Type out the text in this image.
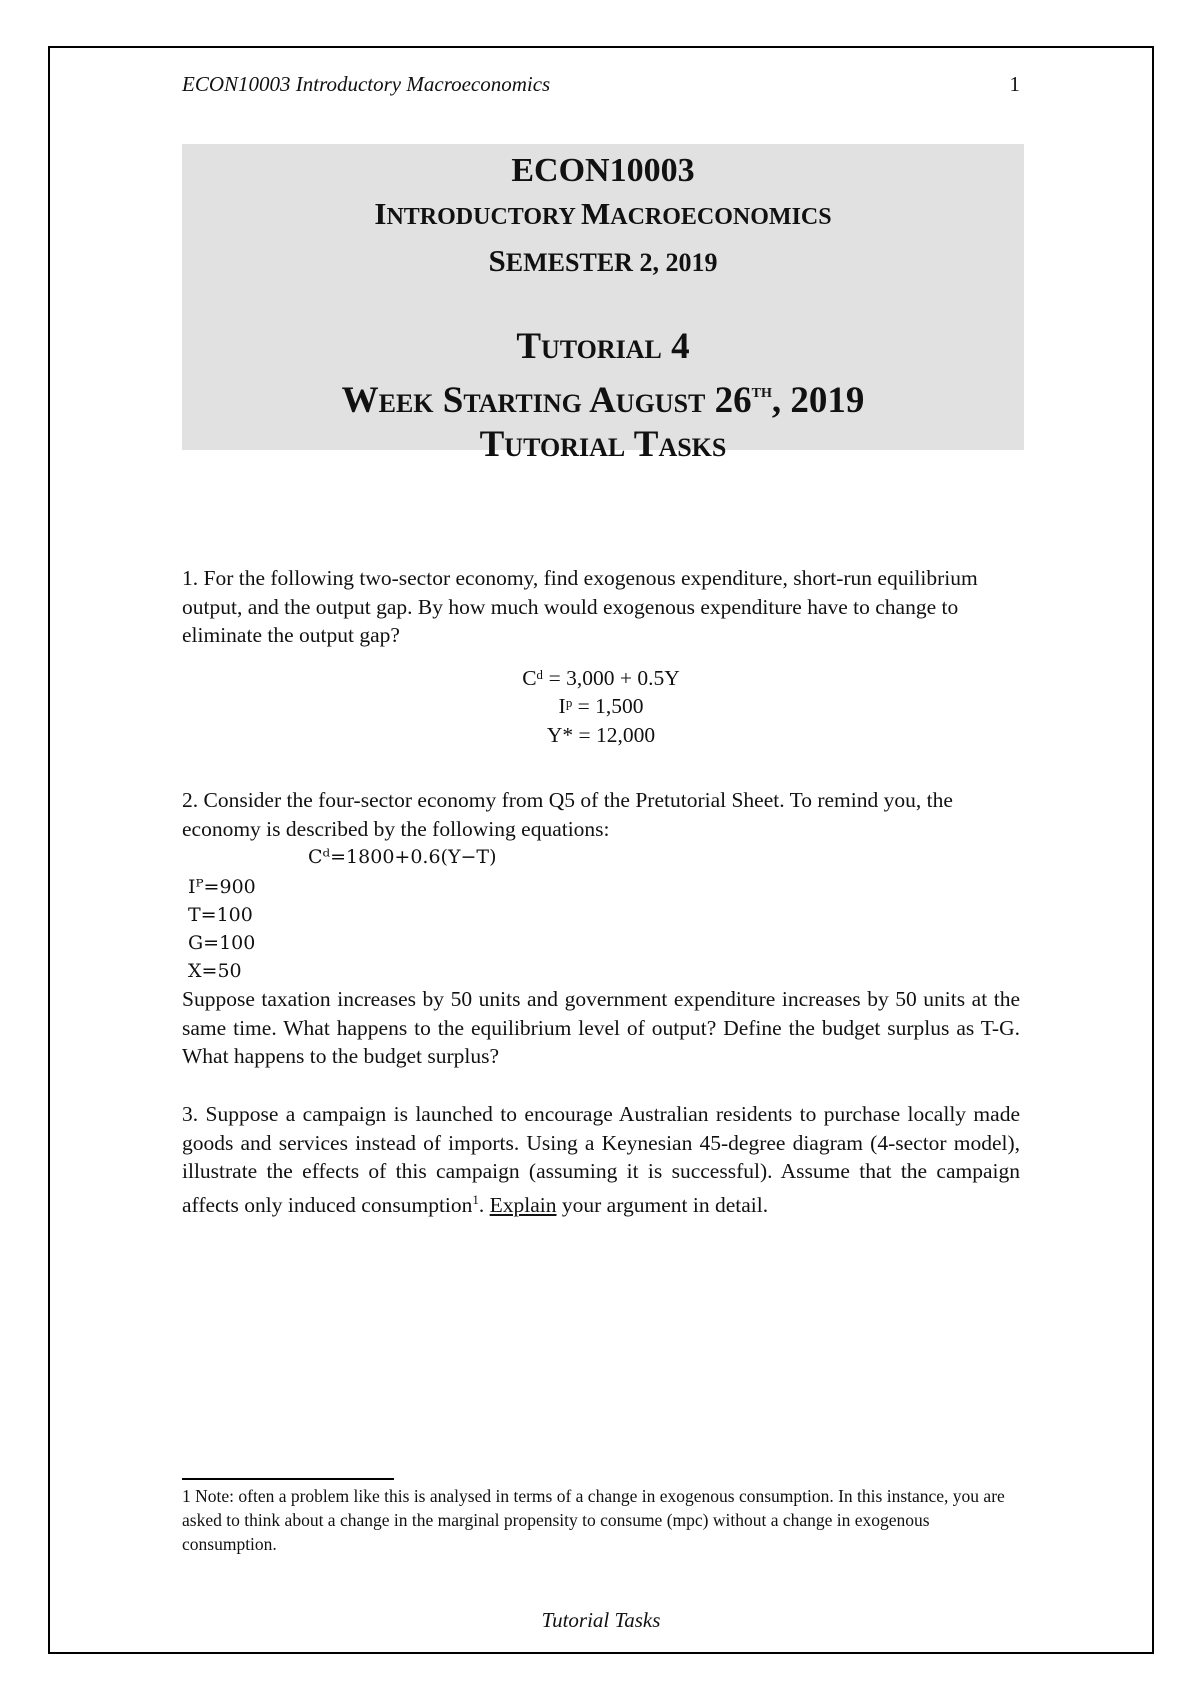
ECON10003 Introductory Macroeconomics	1
ECON10003
INTRODUCTORY MACROECONOMICS
SEMESTER 2, 2019
Tutorial 4
Week Starting August 26th, 2019
Tutorial Tasks
1. For the following two-sector economy, find exogenous expenditure, short-run equilibrium output, and the output gap. By how much would exogenous expenditure have to change to eliminate the output gap?
Cᵈ = 3,000 + 0.5Y
Iᵖ = 1,500
Y* = 12,000
2. Consider the four-sector economy from Q5 of the Pretutorial Sheet. To remind you, the economy is described by the following equations:
Cᵈ=1800+0.6(Y−T)
Iᴾ=900
T=100
G=100
X=50
Suppose taxation increases by 50 units and government expenditure increases by 50 units at the same time. What happens to the equilibrium level of output? Define the budget surplus as T-G. What happens to the budget surplus?
3. Suppose a campaign is launched to encourage Australian residents to purchase locally made goods and services instead of imports. Using a Keynesian 45-degree diagram (4-sector model), illustrate the effects of this campaign (assuming it is successful). Assume that the campaign affects only induced consumption$^1$. Explain your argument in detail.
1 Note: often a problem like this is analysed in terms of a change in exogenous consumption. In this instance, you are asked to think about a change in the marginal propensity to consume (mpc) without a change in exogenous consumption.
Tutorial Tasks
